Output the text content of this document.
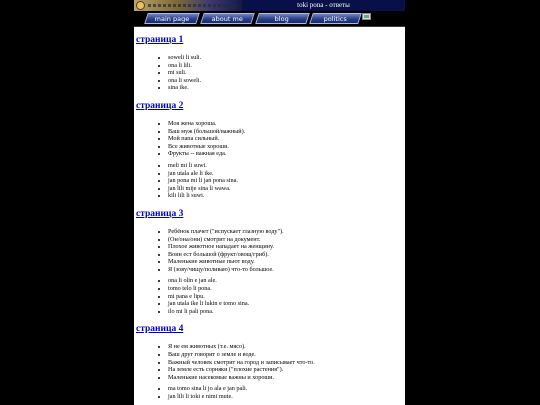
toki pona - ответы
main page	about me	blog	politics
страница 1
• soweli li suli.
• ona li lili.
• mi suli.
• ona li soweli.
• sina ike.
страница 2
• Моя жена хороша.
• Ваш муж (большой/важный).
• Мой папа сильный.
• Все животные хороши.
• Фрукты -- важная еда.
• meli mi li suwi.
• jan utala ale li ike.
• jan pona mi li jan pona sina.
• jan lili mije sina li wawa.
• kili lili li suwi.
страница 3
• Ребёнок плачет ("испускает глазную воду").
• (Он/она/они) смотрит на документ.
• Плохое животное нападает на женщину.
• Воин ест большой (фрукт/овощ/гриб).
• Маленькие животные пьют воду.
• Я (зову/чищу/поливаю) что-то большое.
• ona li olin e jan ale.
• tomo telo li pona.
• mi pana e lipu.
• jan utala ike li lukin e tomo sina.
• ilo mi li pali pona.
страница 4
• Я не ем животных (т.е. мясо).
• Ваш друг говорит о земле и воде.
• Важный человек смотрит на город и записывает что-то.
• На земле есть сорняки ("плохие растения").
• Маленькие насекомые важны и хороши.
• ma tomo sina li jo ala e jan pali.
• jan lili li toki e nimi mute.
